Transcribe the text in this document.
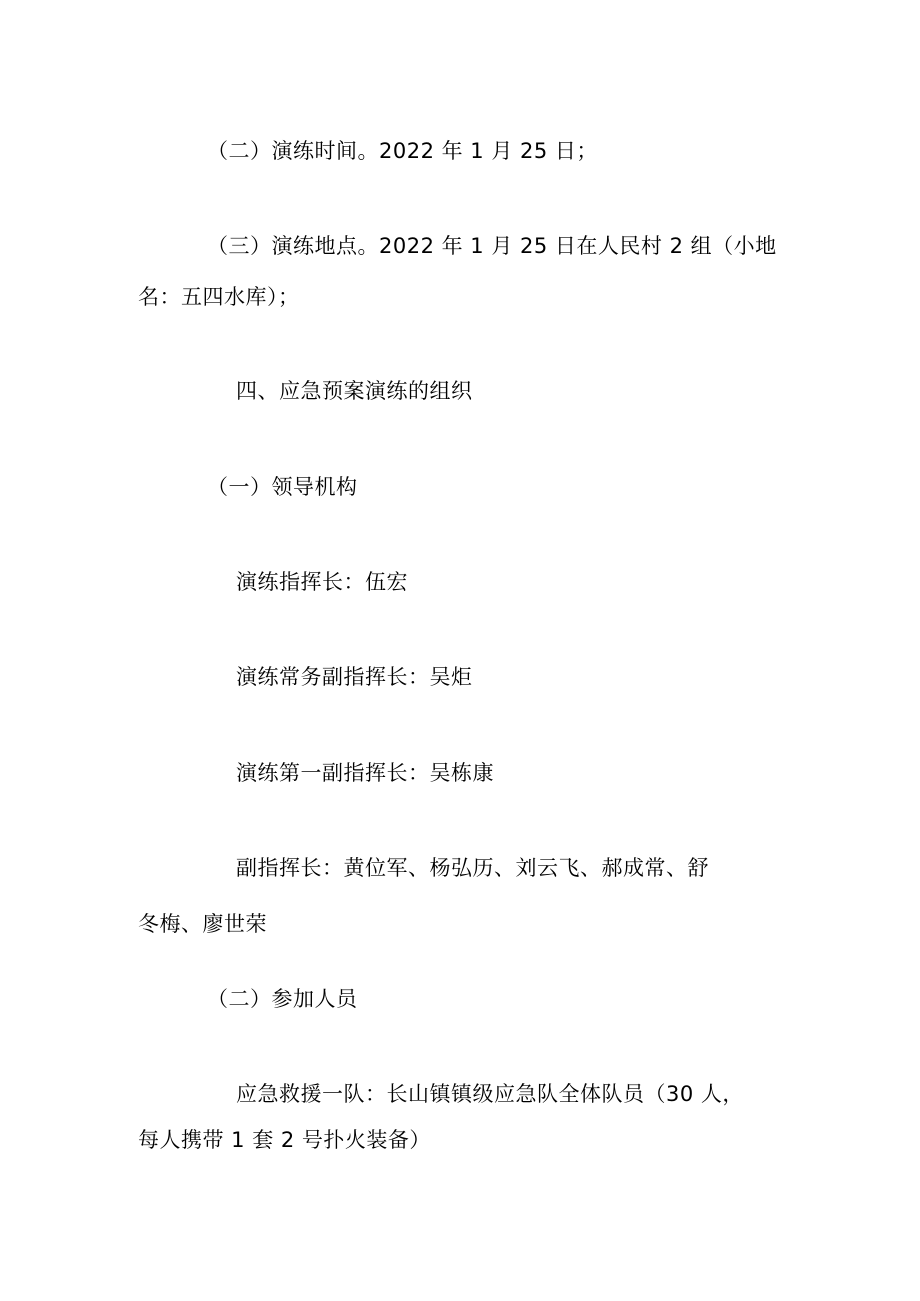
（二）演练时间。2022 年 1 月 25 日；
（三）演练地点。2022 年 1 月 25 日在人民村 2 组（小地
名：五四水库）；
四、应急预案演练的组织
（一）领导机构
演练指挥长：伍宏
演练常务副指挥长：吴炬
演练第一副指挥长：吴栋康
副指挥长：黄位军、杨弘历、刘云飞、郝成常、舒
冬梅、廖世荣
（二）参加人员
应急救援一队：长山镇镇级应急队全体队员（30 人，
每人携带 1 套 2 号扑火装备）
